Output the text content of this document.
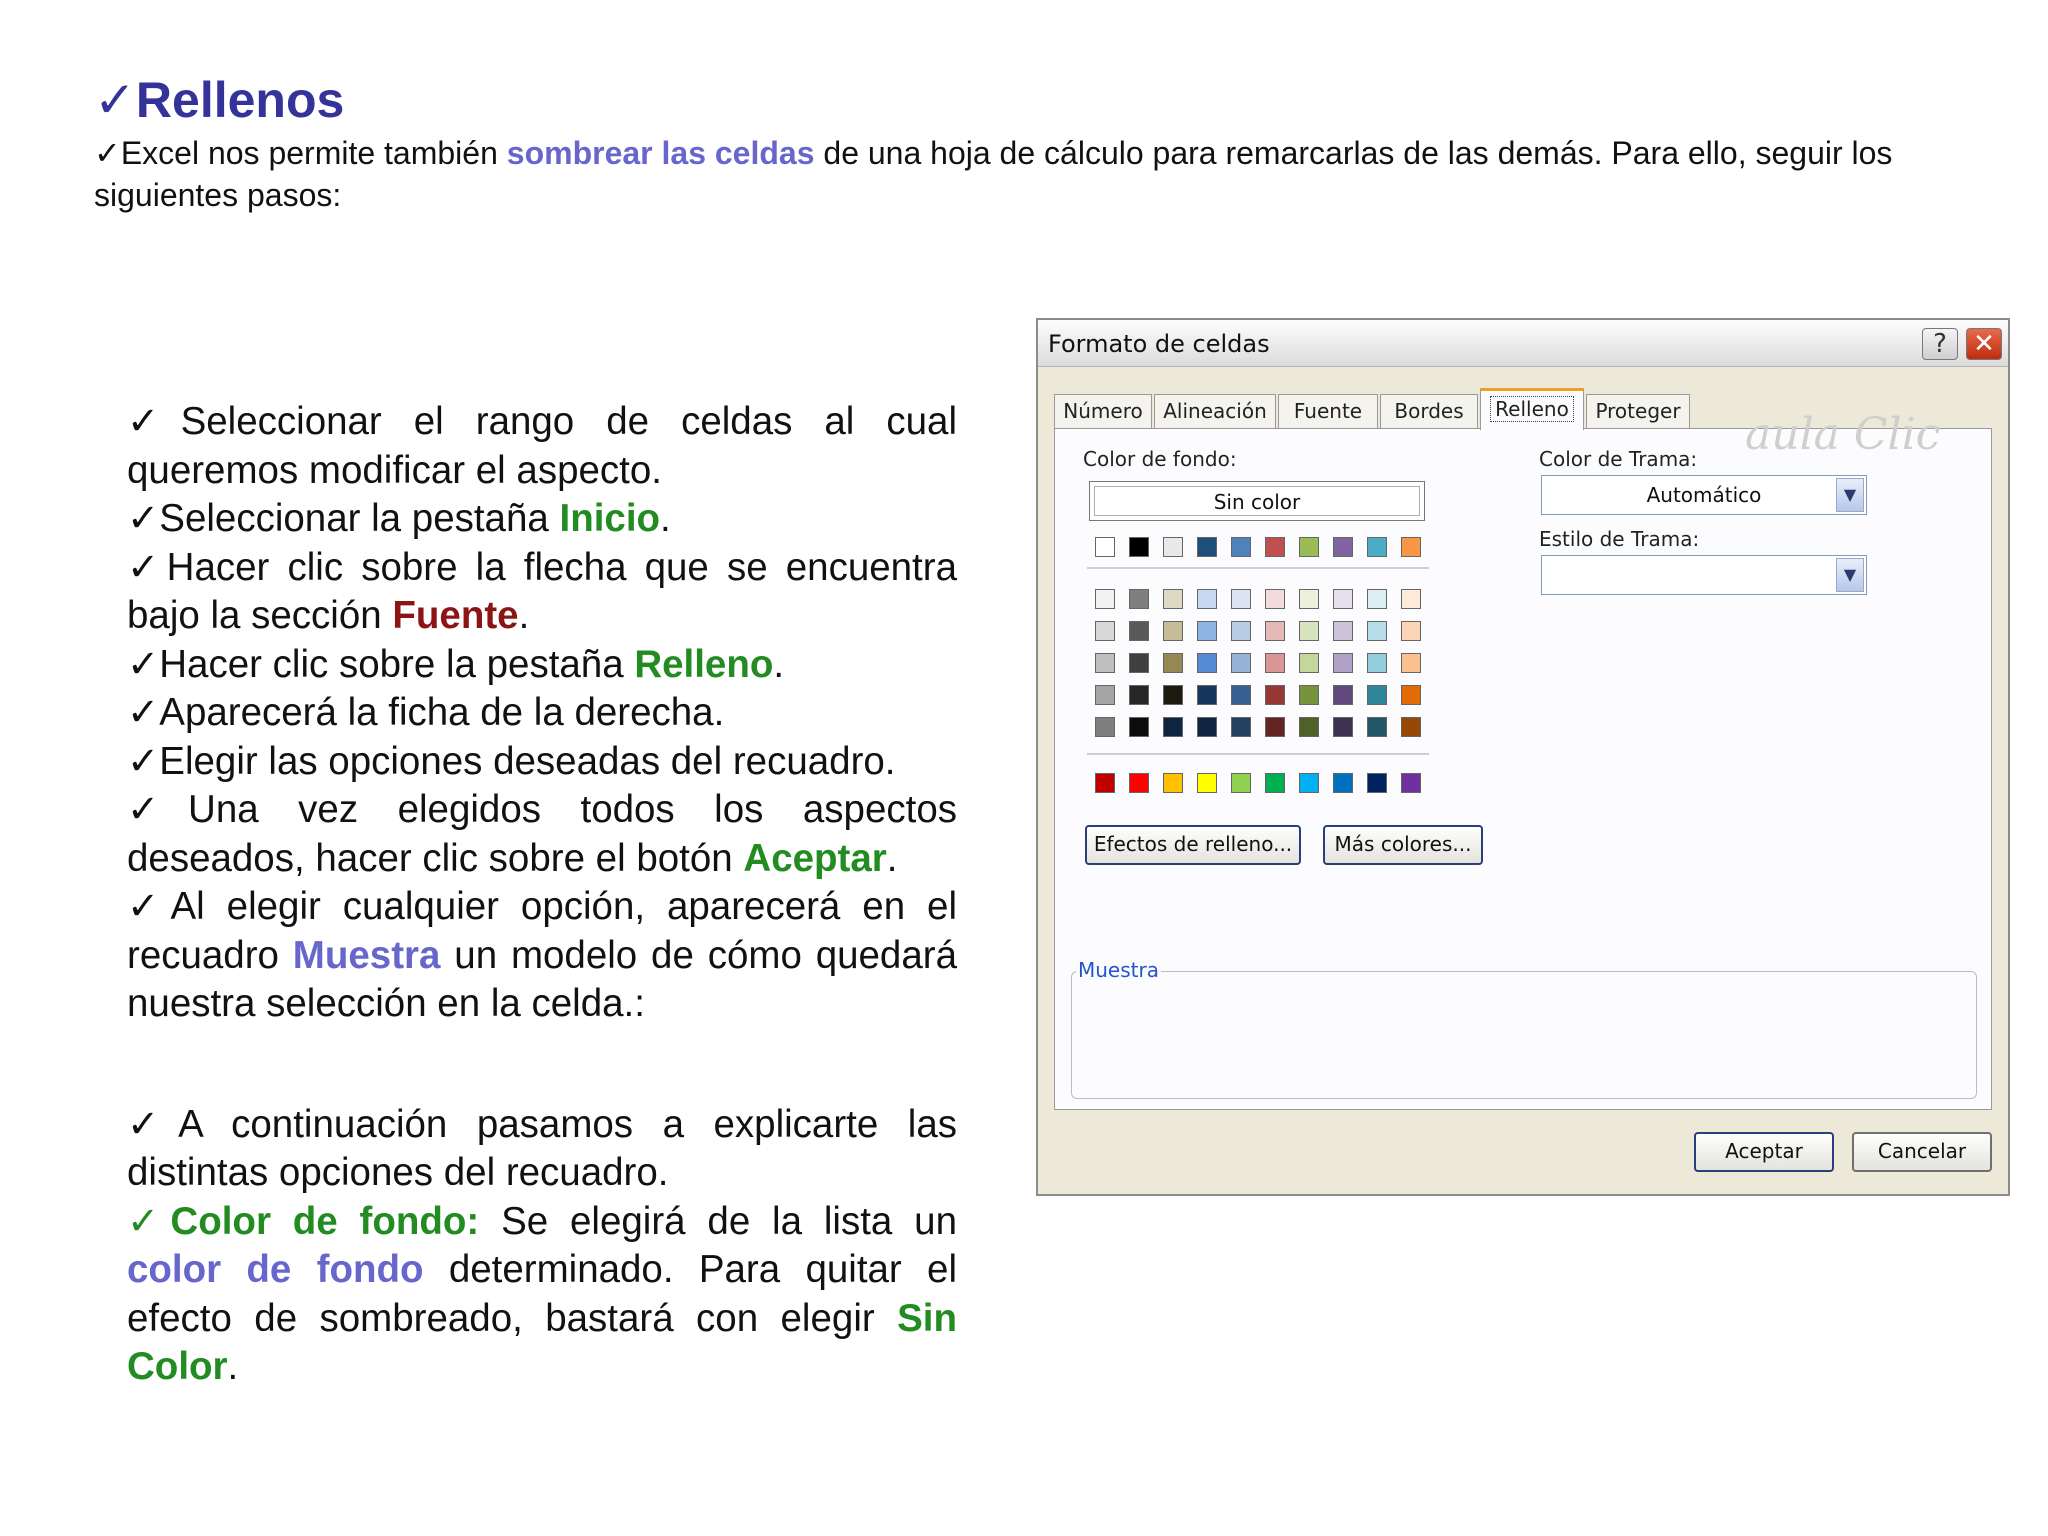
✓Rellenos
✓Excel nos permite también sombrear las celdas de una hoja de cálculo para remarcarlas de las demás. Para ello, seguir los siguientes pasos:

✓Seleccionar el rango de celdas al cual queremos modificar el aspecto.

✓Seleccionar la pestaña Inicio.

✓Hacer clic sobre la flecha que se encuentra bajo la sección Fuente.

✓Hacer clic sobre la pestaña Relleno.

✓Aparecerá la ficha de la derecha.

✓Elegir las opciones deseadas del recuadro.

✓Una vez elegidos todos los aspectos deseados, hacer clic sobre el botón Aceptar.

✓Al elegir cualquier opción, aparecerá en el recuadro Muestra un modelo de cómo quedará nuestra selección en la celda.:

✓A continuación pasamos a explicarte las distintas opciones del recuadro.

✓Color de fondo: Se elegirá de la lista un color de fondo determinado. Para quitar el efecto de sombreado, bastará con elegir Sin Color.

Formato de celdas	?	✕
Número	Alineación	Fuente	Bordes	Relleno	Proteger aula Clic
Color de fondo:
Sin color
Efectos de relleno...	Más colores...
Color de Trama:
Automático	▼
Estilo de Trama:
▼
Muestra
Aceptar	Cancelar
